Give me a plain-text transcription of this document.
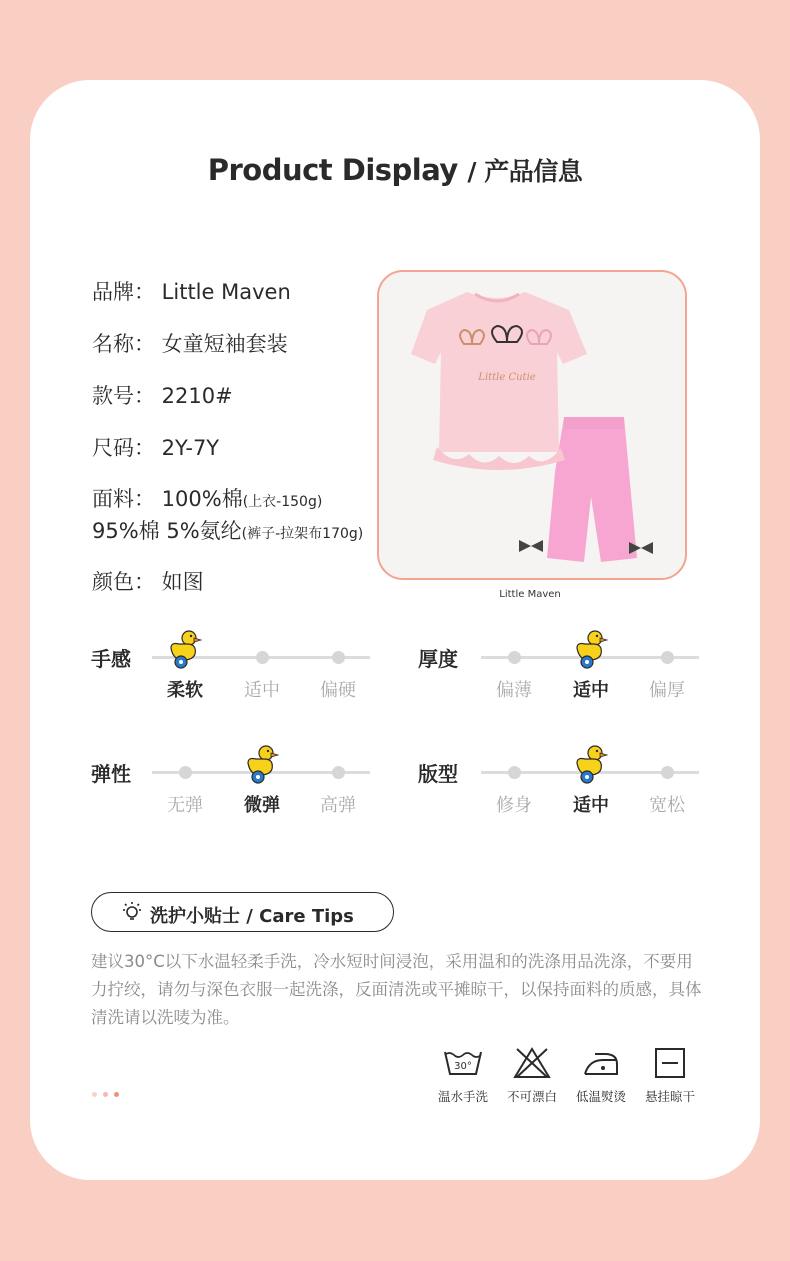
Product Display / 产品信息
品牌： Little Maven
名称： 女童短袖套装
款号： 2210#
尺码： 2Y-7Y
面料： 100%棉(上衣-150g)
95%棉 5%氨纶(裤子-拉架布170g)
颜色： 如图
Little Cutie
Little Maven
手感
柔软	适中	偏硬
厚度
偏薄	适中	偏厚
弹性
无弹	微弹	高弹
版型
修身	适中	宽松
洗护小贴士 / Care Tips
建议30°C以下水温轻柔手洗，冷水短时间浸泡，采用温和的洗涤用品洗涤，不要用力拧绞，请勿与深色衣服一起洗涤，反面清洗或平摊晾干，以保持面料的质感，具体清洗请以洗唛为准。
30°
温水手洗	不可漂白	低温熨烫	悬挂晾干
